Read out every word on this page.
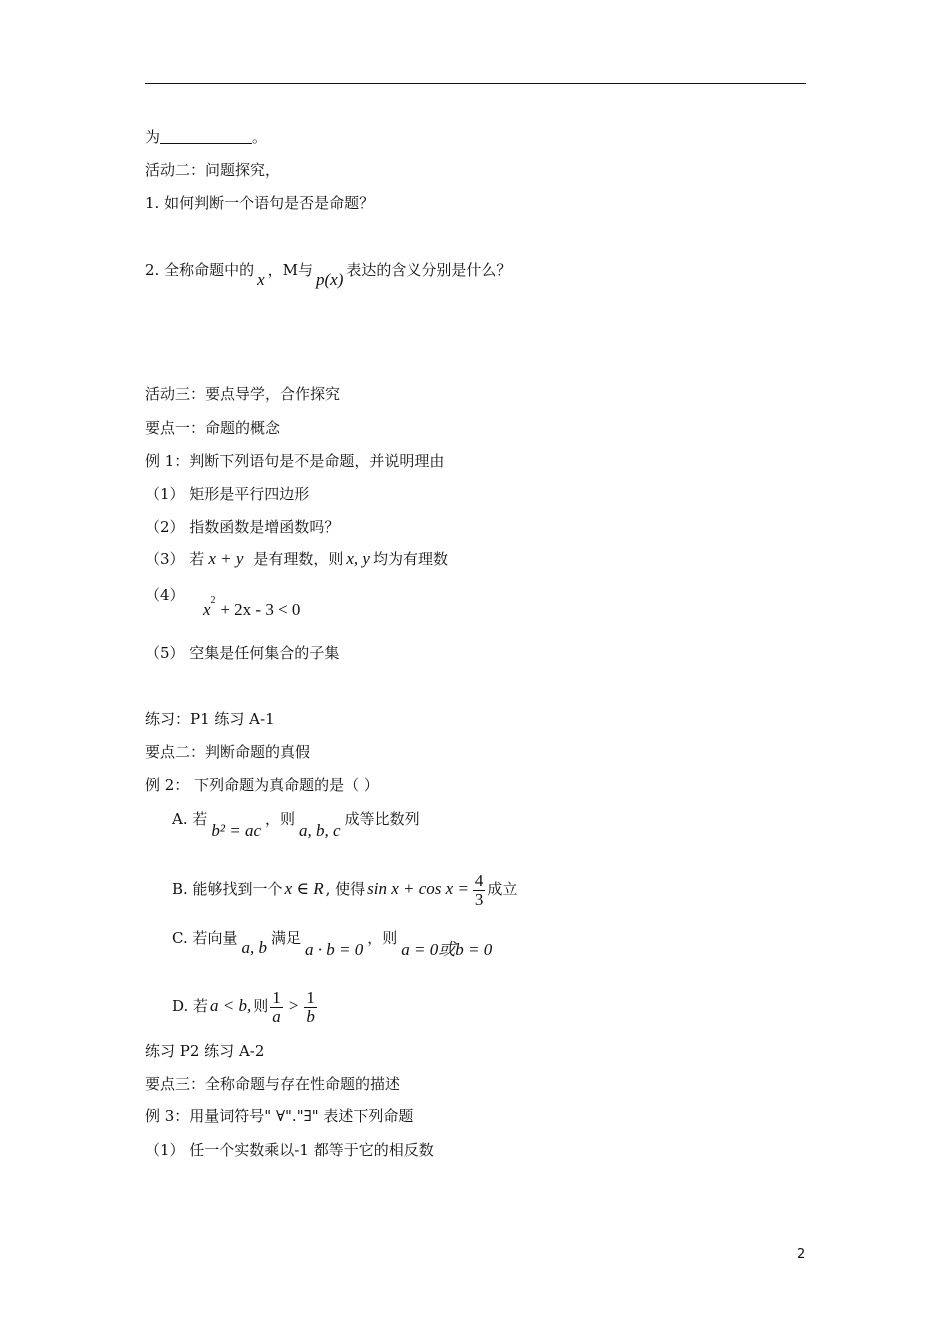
为	。
活动二：问题探究，
1. 如何判断一个语句是否是命题？
2. 全称命题中的 x ，M与 p(x) 表达的含义分别是什么？
活动三：要点导学，合作探究
要点一：命题的概念
例 1：判断下列语句是不是命题，并说明理由
（1） 矩形是平行四边形
（2） 指数函数是增函数吗？
（3） 若 x + y 是有理数，则 x, y 均为有理数
（4）
$x^2 + 2x - 3 < 0$
（5） 空集是任何集合的子集
练习：P1 练习 A-1
要点二：判断命题的真假
例 2： 下列命题为真命题的是（ ）
A. 若b² = ac，则a, b, c成等比数列
B. 能够找到一个 x ∈ R , 使得 $\sin x + \cos x = \frac{4}{3}$ 成立
C. 若向量 a, b 满足a · b = 0，则a = 0或b = 0
D. 若 a < b, 则 $\frac{1}{a} > \frac{1}{b}$
练习 P2 练习 A-2
要点三：全称命题与存在性命题的描述
例 3：用量词符号" ∀"."∃" 表述下列命题
（1） 任一个实数乘以-1 都等于它的相反数
2
